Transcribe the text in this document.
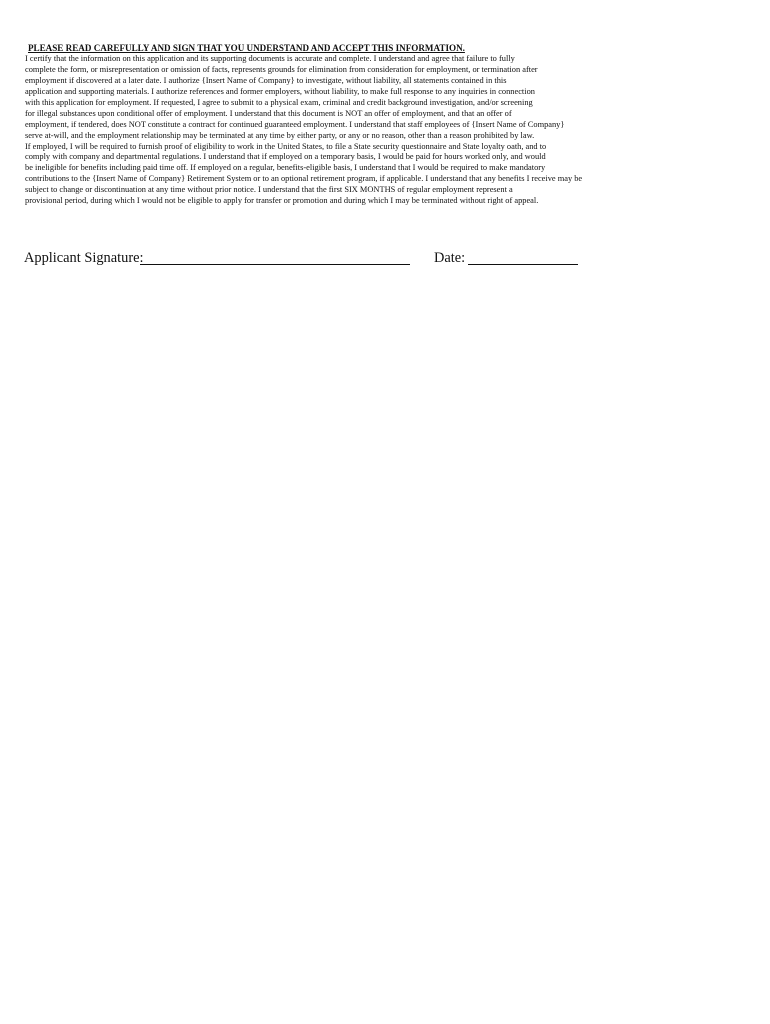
PLEASE READ CAREFULLY AND SIGN THAT YOU UNDERSTAND AND ACCEPT THIS INFORMATION.
I certify that the information on this application and its supporting documents is accurate and complete. I understand and agree that failure to fully
complete the form, or misrepresentation or omission of facts, represents grounds for elimination from consideration for employment, or termination after
employment if discovered at a later date. I authorize {Insert Name of Company} to investigate, without liability, all statements contained in this
application and supporting materials. I authorize references and former employers, without liability, to make full response to any inquiries in connection
with this application for employment. If requested, I agree to submit to a physical exam, criminal and credit background investigation, and/or screening
for illegal substances upon conditional offer of employment. I understand that this document is NOT an offer of employment, and that an offer of
employment, if tendered, does NOT constitute a contract for continued guaranteed employment. I understand that staff employees of {Insert Name of Company}
serve at-will, and the employment relationship may be terminated at any time by either party, or any or no reason, other than a reason prohibited by law.
If employed, I will be required to furnish proof of eligibility to work in the United States, to file a State security questionnaire and State loyalty oath, and to
comply with company and departmental regulations. I understand that if employed on a temporary basis, I would be paid for hours worked only, and would
be ineligible for benefits including paid time off. If employed on a regular, benefits-eligible basis, I understand that I would be required to make mandatory
contributions to the {Insert Name of Company} Retirement System or to an optional retirement program, if applicable. I understand that any benefits I receive may be
subject to change or discontinuation at any time without prior notice. I understand that the first SIX MONTHS of regular employment represent a
provisional period, during which I would not be eligible to apply for transfer or promotion and during which I may be terminated without right of appeal.
Applicant Signature:	Date:
